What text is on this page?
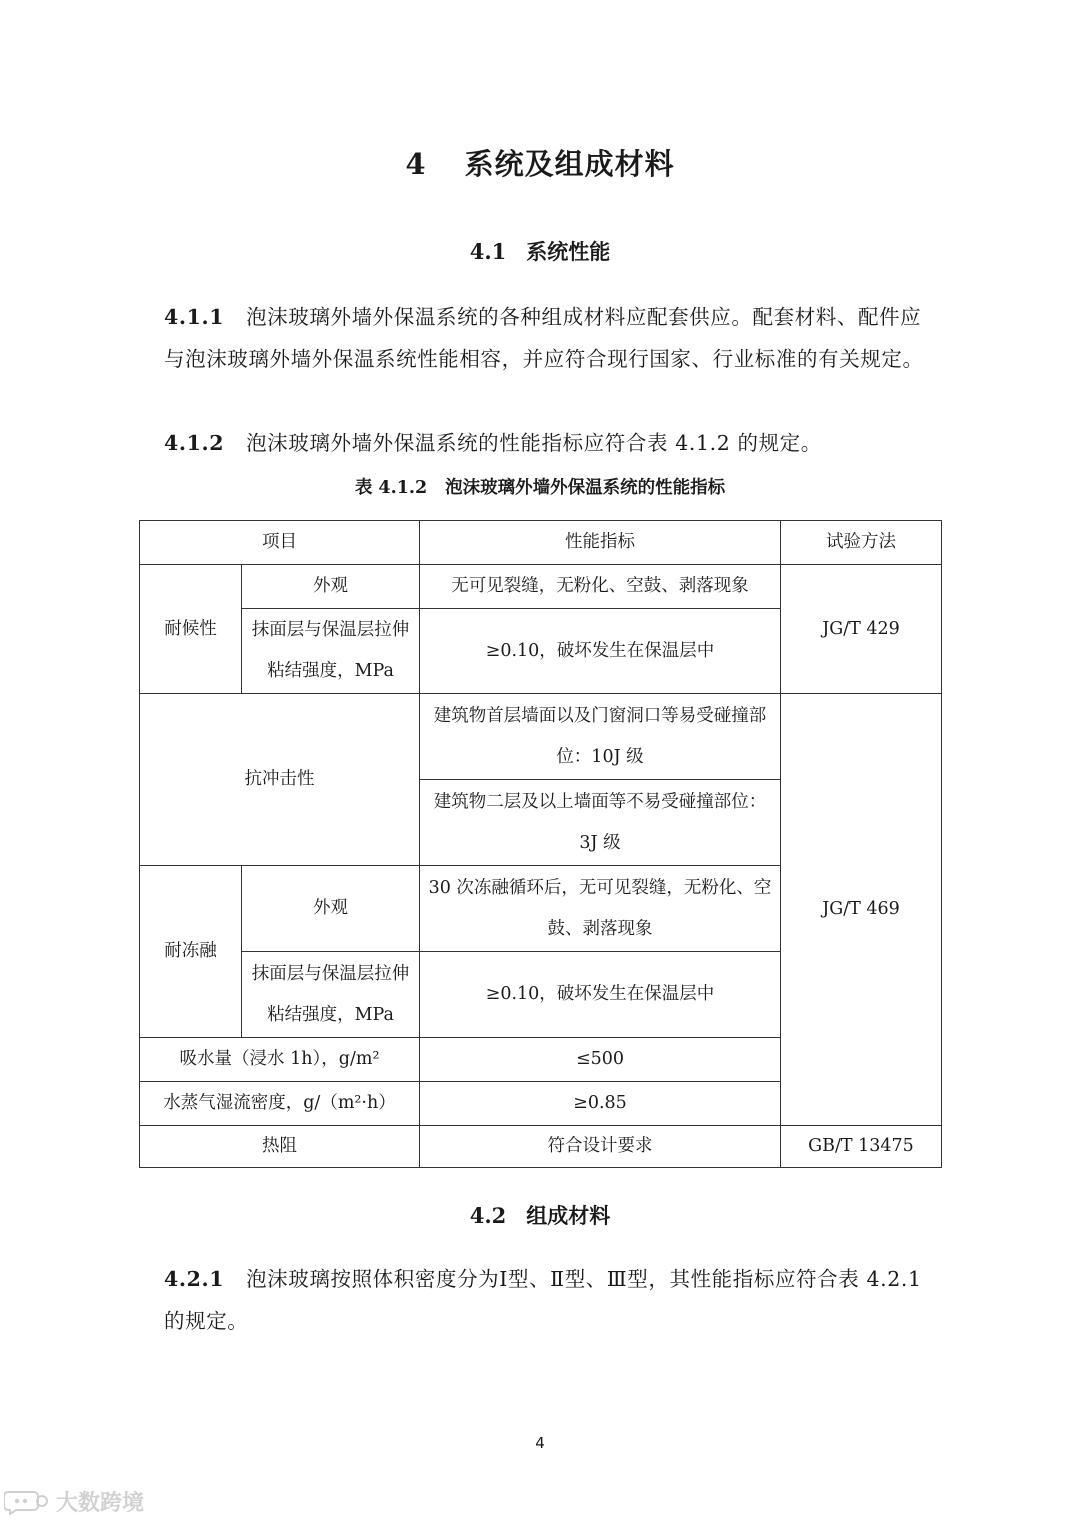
4 系统及组成材料
4.1 系统性能
4.1.1 泡沫玻璃外墙外保温系统的各种组成材料应配套供应。配套材料、配件应与泡沫玻璃外墙外保温系统性能相容，并应符合现行国家、行业标准的有关规定。
4.1.2 泡沫玻璃外墙外保温系统的性能指标应符合表 4.1.2 的规定。
表 4.1.2 泡沫玻璃外墙外保温系统的性能指标
项目		性能指标	试验方法
耐候性	外观	无可见裂缝，无粉化、空鼓、剥落现象	JG/T 429
	抹面层与保温层拉伸粘结强度，MPa	≥0.10，破坏发生在保温层中	
抗冲击性		建筑物首层墙面以及门窗洞口等易受碰撞部位：10J 级	JG/T 469
		建筑物二层及以上墙面等不易受碰撞部位：3J 级	
耐冻融	外观	30 次冻融循环后，无可见裂缝，无粉化、空鼓、剥落现象	
	抹面层与保温层拉伸粘结强度，MPa	≥0.10，破坏发生在保温层中	
吸水量（浸水 1h），g/m²		≤500	
水蒸气湿流密度，g/（m²·h）		≥0.85	
热阻		符合设计要求	GB/T 13475
4.2 组成材料
4.2.1 泡沫玻璃按照体积密度分为Ⅰ型、Ⅱ型、Ⅲ型，其性能指标应符合表 4.2.1 的规定。
4
大数跨境
